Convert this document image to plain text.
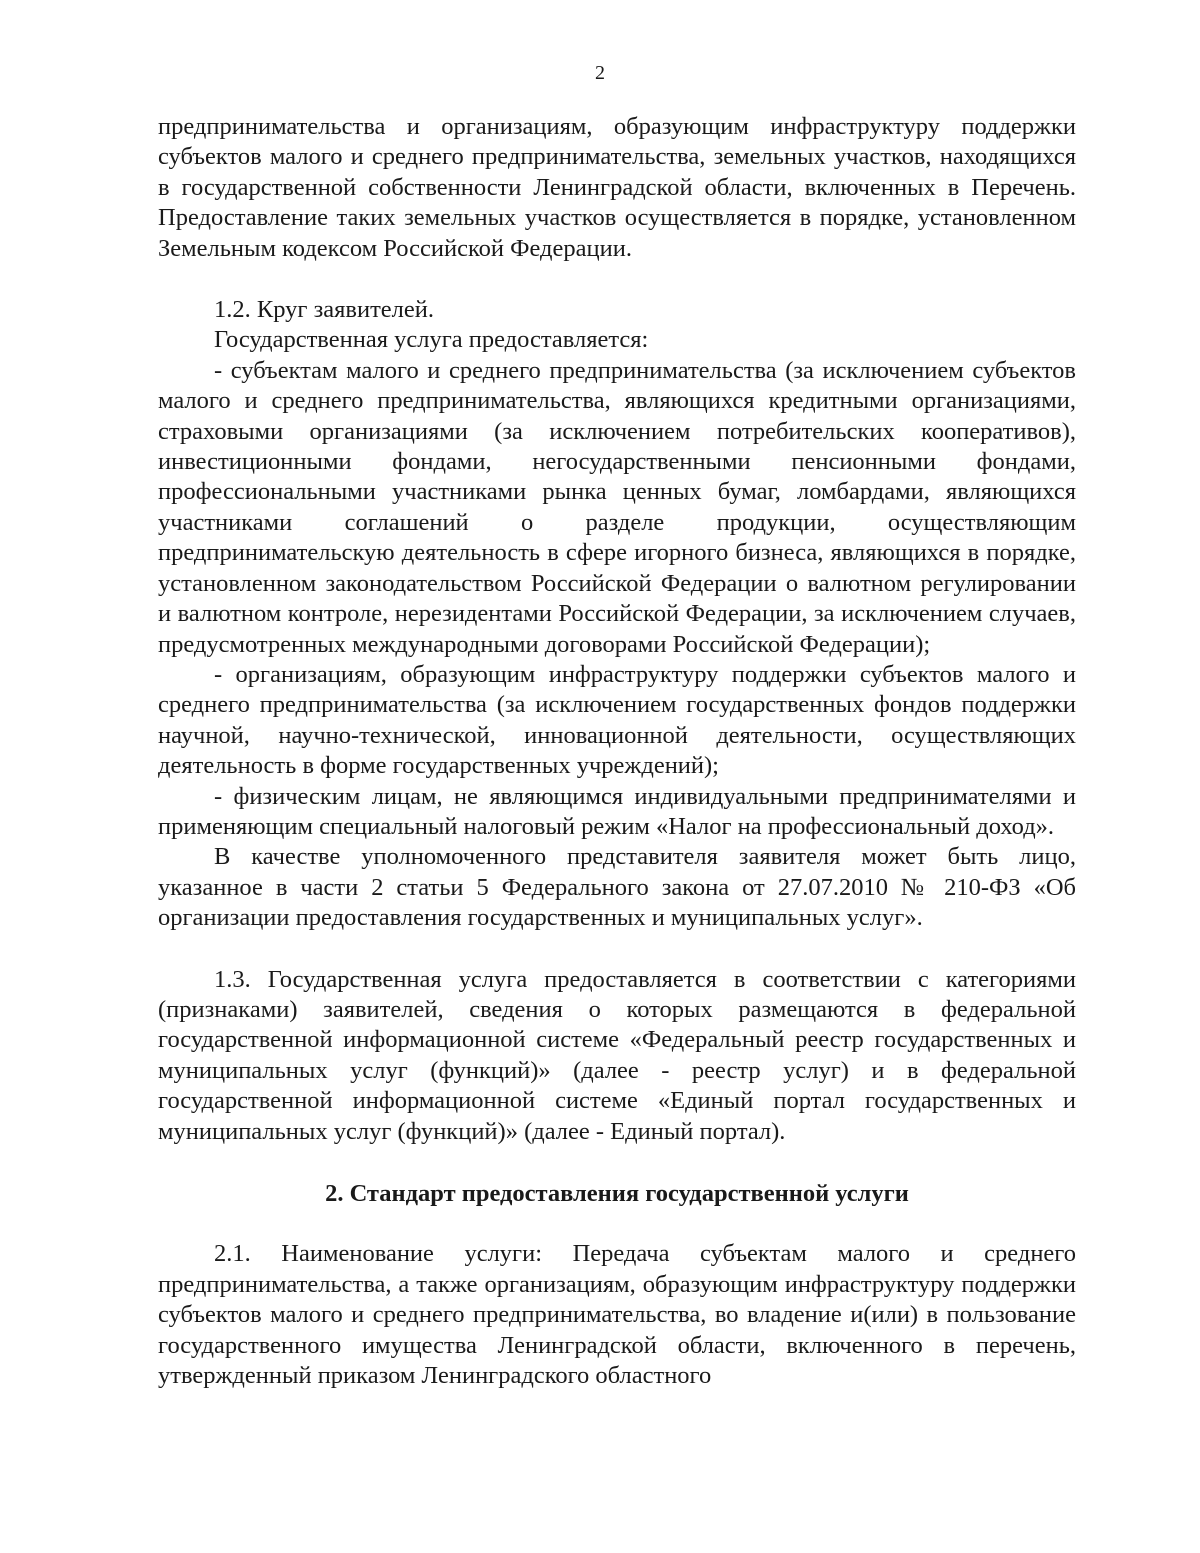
2

предпринимательства и организациям, образующим инфраструктуру поддержки субъектов малого и среднего предпринимательства, земельных участков, находящихся в государственной собственности Ленинградской области, включенных в Перечень. Предоставление таких земельных участков осуществляется в порядке, установленном Земельным кодексом Российской Федерации.

1.2. Круг заявителей.

Государственная услуга предоставляется:

- субъектам малого и среднего предпринимательства (за исключением субъектов малого и среднего предпринимательства, являющихся кредитными организациями, страховыми организациями (за исключением потребительских кооперативов), инвестиционными фондами, негосударственными пенсионными фондами, профессиональными участниками рынка ценных бумаг, ломбардами, являющихся участниками соглашений о разделе продукции, осуществляющим предпринимательскую деятельность в сфере игорного бизнеса, являющихся в порядке, установленном законодательством Российской Федерации о валютном регулировании и валютном контроле, нерезидентами Российской Федерации, за исключением случаев, предусмотренных международными договорами Российской Федерации);

- организациям, образующим инфраструктуру поддержки субъектов малого и среднего предпринимательства (за исключением государственных фондов поддержки научной, научно-технической, инновационной деятельности, осуществляющих деятельность в форме государственных учреждений);

- физическим лицам, не являющимся индивидуальными предпринимателями и применяющим специальный налоговый режим «Налог на профессиональный доход».

В качестве уполномоченного представителя заявителя может быть лицо, указанное в части 2 статьи 5 Федерального закона от 27.07.2010 № 210-ФЗ «Об организации предоставления государственных и муниципальных услуг».

1.3. Государственная услуга предоставляется в соответствии с категориями (признаками) заявителей, сведения о которых размещаются в федеральной государственной информационной системе «Федеральный реестр государственных и муниципальных услуг (функций)» (далее - реестр услуг) и в федеральной государственной информационной системе «Единый портал государственных и муниципальных услуг (функций)» (далее - Единый портал).

2. Стандарт предоставления государственной услуги

2.1. Наименование услуги: Передача субъектам малого и среднего предпринимательства, а также организациям, образующим инфраструктуру поддержки субъектов малого и среднего предпринимательства, во владение и(или) в пользование государственного имущества Ленинградской области, включенного в перечень, утвержденный приказом Ленинградского областного
